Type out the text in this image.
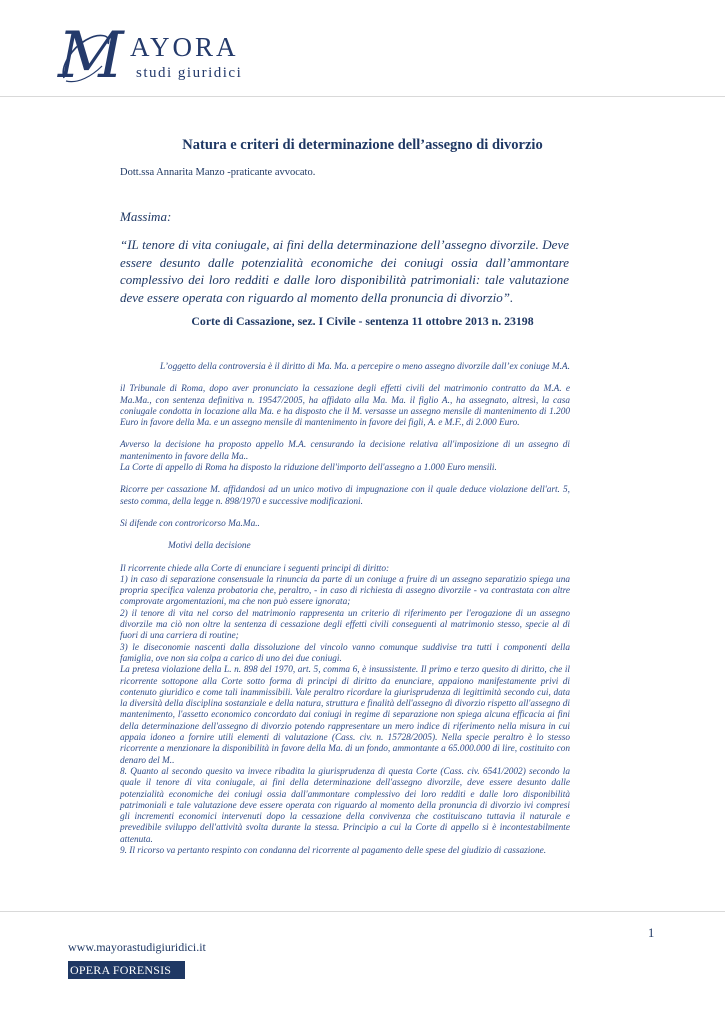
M AYORA
studi giuridici
Natura e criteri di determinazione dell’assegno di divorzio
Dott.ssa Annarita Manzo -praticante avvocato.
Massima:
“IL tenore di vita coniugale, ai fini della determinazione dell’assegno divorzile. Deve essere desunto dalle potenzialità economiche dei coniugi ossia dall’ammontare complessivo dei loro redditi e dalle loro disponibilità patrimoniali: tale valutazione deve essere operata con riguardo al momento della pronuncia di divorzio”.
Corte di Cassazione, sez. I Civile - sentenza 11 ottobre 2013 n. 23198

L’oggetto della controversia è il diritto di Ma. Ma. a percepire o meno assegno divorzile dall’ex coniuge M.A.

il Tribunale di Roma, dopo aver pronunciato la cessazione degli effetti civili del matrimonio contratto da M.A. e Ma.Ma., con sentenza definitiva n. 19547/2005, ha affidato alla Ma. Ma. il figlio A., ha assegnato, altresì, la casa coniugale condotta in locazione alla Ma. e ha disposto che il M. versasse un assegno mensile di mantenimento di 1.200 Euro in favore della Ma. e un assegno mensile di mantenimento in favore dei figli, A. e M.F., di 2.000 Euro.

Avverso la decisione ha proposto appello M.A. censurando la decisione relativa all'imposizione di un assegno di mantenimento in favore della Ma..

La Corte di appello di Roma ha disposto la riduzione dell'importo dell'assegno a 1.000 Euro mensili.

Ricorre per cassazione M. affidandosi ad un unico motivo di impugnazione con il quale deduce violazione dell'art. 5, sesto comma, della legge n. 898/1970 e successive modificazioni.

Si difende con controricorso Ma.Ma..

Motivi della decisione

Il ricorrente chiede alla Corte di enunciare i seguenti principi di diritto:

1) in caso di separazione consensuale la rinuncia da parte di un coniuge a fruire di un assegno separatizio spiega una propria specifica valenza probatoria che, peraltro, - in caso di richiesta di assegno divorzile - va contrastata con altre comprovate argomentazioni, ma che non può essere ignorata;

2) il tenore di vita nel corso del matrimonio rappresenta un criterio di riferimento per l'erogazione di un assegno divorzile ma ciò non oltre la sentenza di cessazione degli effetti civili conseguenti al matrimonio stesso, specie al di fuori di una carriera di routine;

3) le diseconomie nascenti dalla dissoluzione del vincolo vanno comunque suddivise tra tutti i componenti della famiglia, ove non sia colpa a carico di uno dei due coniugi.

La pretesa violazione della L. n. 898 del 1970, art. 5, comma 6, è insussistente. Il primo e terzo quesito di diritto, che il ricorrente sottopone alla Corte sotto forma di principi di diritto da enunciare, appaiono manifestamente privi di contenuto giuridico e come tali inammissibili. Vale peraltro ricordare la giurisprudenza di legittimità secondo cui, data la diversità della disciplina sostanziale e della natura, struttura e finalità dell'assegno di divorzio rispetto all'assegno di mantenimento, l'assetto economico concordato dai coniugi in regime di separazione non spiega alcuna efficacia ai fini della determinazione dell'assegno di divorzio potendo rappresentare un mero indice di riferimento nella misura in cui appaia idoneo a fornire utili elementi di valutazione (Cass. civ. n. 15728/2005). Nella specie peraltro è lo stesso ricorrente a menzionare la disponibilità in favore della Ma. di un fondo, ammontante a 65.000.000 di lire, costituito con denaro del M..

8. Quanto al secondo quesito va invece ribadita la giurisprudenza di questa Corte (Cass. civ. 6541/2002) secondo la quale il tenore di vita coniugale, ai fini della determinazione dell'assegno divorzile, deve essere desunto dalle potenzialità economiche dei coniugi ossia dall'ammontare complessivo dei loro redditi e dalle loro disponibilità patrimoniali e tale valutazione deve essere operata con riguardo al momento della pronuncia di divorzio ivi compresi gli incrementi economici intervenuti dopo la cessazione della convivenza che costituiscano tuttavia il naturale e prevedibile sviluppo dell'attività svolta durante la stessa. Principio a cui la Corte di appello si è incontestabilmente attenuta.

9. Il ricorso va pertanto respinto con condanna del ricorrente al pagamento delle spese del giudizio di cassazione.

1
www.mayorastudigiuridici.it
OPERA FORENSIS
